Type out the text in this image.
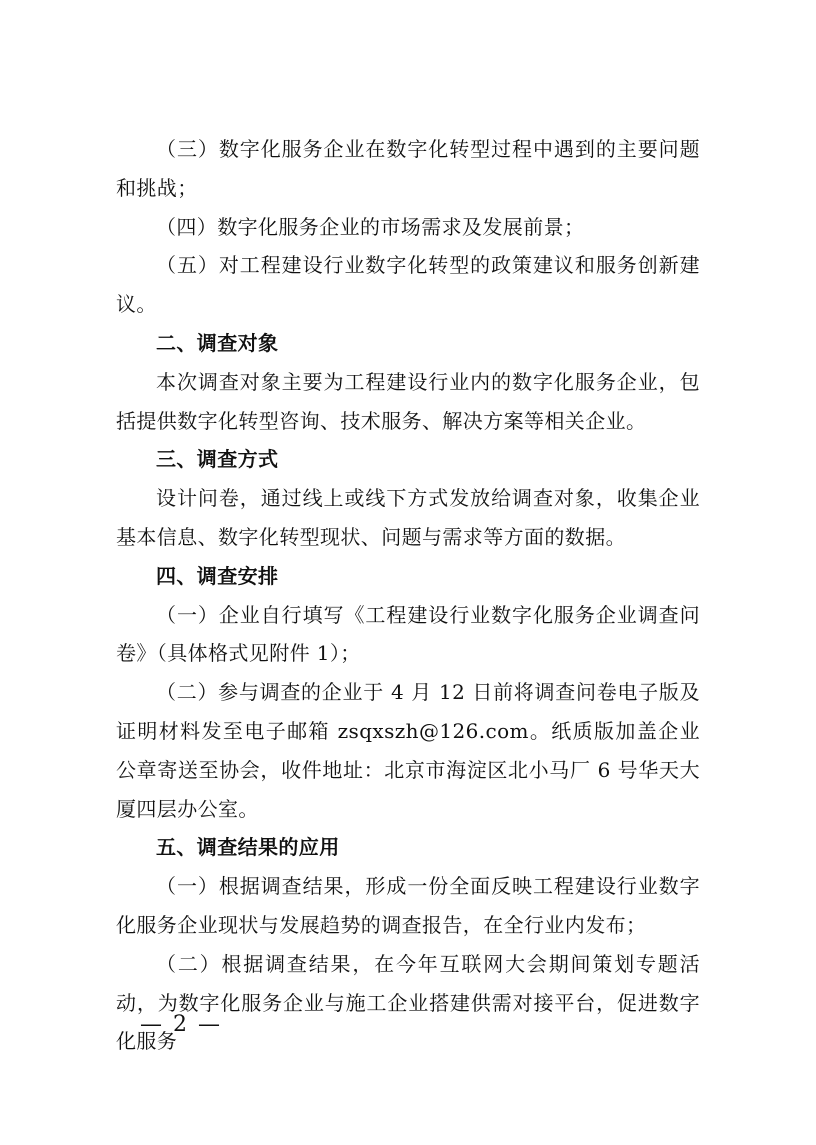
（三）数字化服务企业在数字化转型过程中遇到的主要问题和挑战；

（四）数字化服务企业的市场需求及发展前景；

（五）对工程建设行业数字化转型的政策建议和服务创新建议。

二、调查对象

本次调查对象主要为工程建设行业内的数字化服务企业，包括提供数字化转型咨询、技术服务、解决方案等相关企业。

三、调查方式

设计问卷，通过线上或线下方式发放给调查对象，收集企业基本信息、数字化转型现状、问题与需求等方面的数据。

四、调查安排

（一）企业自行填写《工程建设行业数字化服务企业调查问卷》（具体格式见附件 1）；

（二）参与调查的企业于 4 月 12 日前将调查问卷电子版及证明材料发至电子邮箱 zsqxszh@126.com。纸质版加盖企业公章寄送至协会，收件地址：北京市海淀区北小马厂 6 号华天大厦四层办公室。

五、调查结果的应用

（一）根据调查结果，形成一份全面反映工程建设行业数字化服务企业现状与发展趋势的调查报告，在全行业内发布；

（二）根据调查结果，在今年互联网大会期间策划专题活动，为数字化服务企业与施工企业搭建供需对接平台，促进数字化服务

— 2 —
